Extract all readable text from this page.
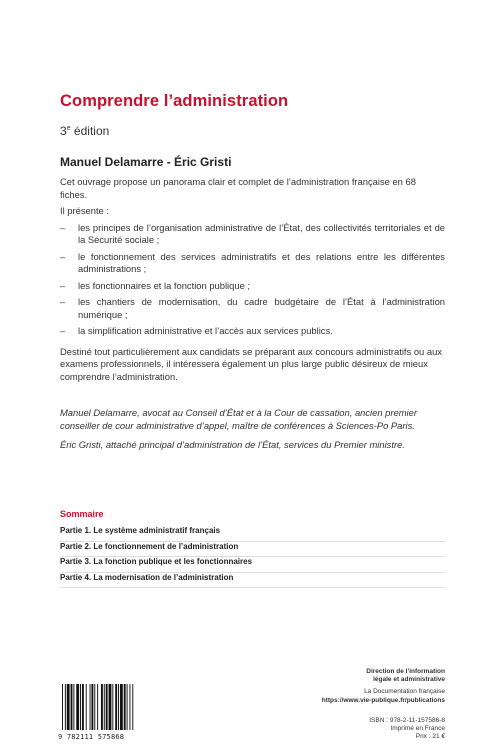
Comprendre l’administration
3e édition
Manuel Delamarre - Éric Gristi

Cet ouvrage propose un panorama clair et complet de l’administration française en 68 fiches.

Il présente :

– les principes de l’organisation administrative de l’État, des collectivités territoriales et de la Sécurité sociale ;
– le fonctionnement des services administratifs et des relations entre les différentes administrations ;
– les fonctionnaires et la fonction publique ;
– les chantiers de modernisation, du cadre budgétaire de l’État à l’administration numérique ;
– la simplification administrative et l’accès aux services publics.

Destiné tout particulièrement aux candidats se préparant aux concours administratifs ou aux examens professionnels, il intéressera également un plus large public désireux de mieux comprendre l’administration.

Manuel Delamarre, avocat au Conseil d’État et à la Cour de cassation, ancien premier conseiller de cour administrative d’appel, maître de conférences à Sciences-Po Paris.

Éric Gristi, attaché principal d’administration de l’État, services du Premier ministre.

Sommaire
Partie 1. Le système administratif français
Partie 2. Le fonctionnement de l’administration
Partie 3. La fonction publique et les fonctionnaires
Partie 4. La modernisation de l’administration
Direction de l’information
légale et administrative
La Documentation française
https://www.vie-publique.fr/publications
9 782111 575868
ISBN : 978-2-11-157586-8
Imprimé en France
Prix : 21 €
